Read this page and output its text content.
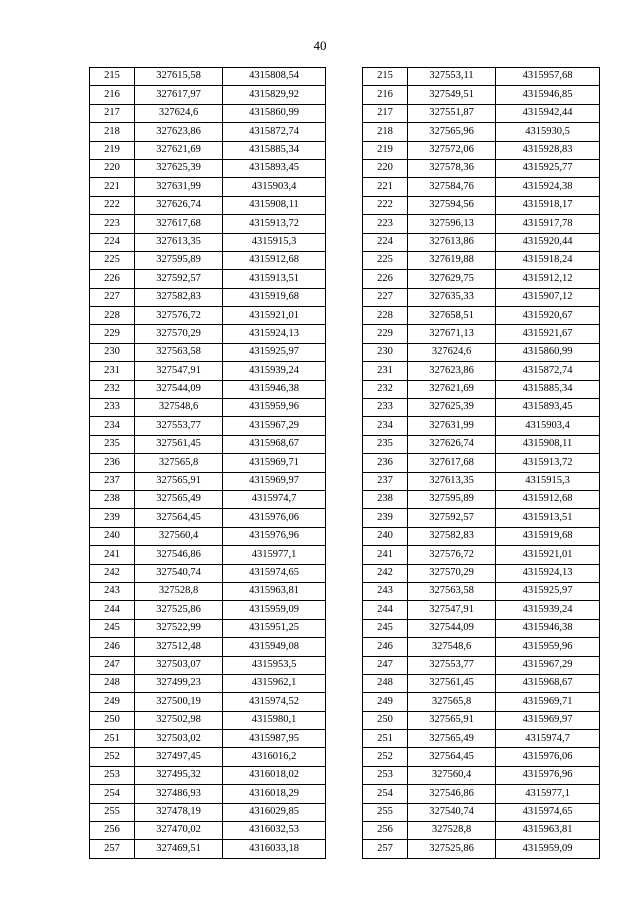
40
215	327615,58	4315808,54
216	327617,97	4315829,92
217	327624,6	4315860,99
218	327623,86	4315872,74
219	327621,69	4315885,34
220	327625,39	4315893,45
221	327631,99	4315903,4
222	327626,74	4315908,11
223	327617,68	4315913,72
224	327613,35	4315915,3
225	327595,89	4315912,68
226	327592,57	4315913,51
227	327582,83	4315919,68
228	327576,72	4315921,01
229	327570,29	4315924,13
230	327563,58	4315925,97
231	327547,91	4315939,24
232	327544,09	4315946,38
233	327548,6	4315959,96
234	327553,77	4315967,29
235	327561,45	4315968,67
236	327565,8	4315969,71
237	327565,91	4315969,97
238	327565,49	4315974,7
239	327564,45	4315976,06
240	327560,4	4315976,96
241	327546,86	4315977,1
242	327540,74	4315974,65
243	327528,8	4315963,81
244	327525,86	4315959,09
245	327522,99	4315951,25
246	327512,48	4315949,08
247	327503,07	4315953,5
248	327499,23	4315962,1
249	327500,19	4315974,52
250	327502,98	4315980,1
251	327503,02	4315987,95
252	327497,45	4316016,2
253	327495,32	4316018,02
254	327486,93	4316018,29
255	327478,19	4316029,85
256	327470,02	4316032,53
257	327469,51	4316033,18
215	327553,11	4315957,68
216	327549,51	4315946,85
217	327551,87	4315942,44
218	327565,96	4315930,5
219	327572,06	4315928,83
220	327578,36	4315925,77
221	327584,76	4315924,38
222	327594,56	4315918,17
223	327596,13	4315917,78
224	327613,86	4315920,44
225	327619,88	4315918,24
226	327629,75	4315912,12
227	327635,33	4315907,12
228	327658,51	4315920,67
229	327671,13	4315921,67
230	327624,6	4315860,99
231	327623,86	4315872,74
232	327621,69	4315885,34
233	327625,39	4315893,45
234	327631,99	4315903,4
235	327626,74	4315908,11
236	327617,68	4315913,72
237	327613,35	4315915,3
238	327595,89	4315912,68
239	327592,57	4315913,51
240	327582,83	4315919,68
241	327576,72	4315921,01
242	327570,29	4315924,13
243	327563,58	4315925,97
244	327547,91	4315939,24
245	327544,09	4315946,38
246	327548,6	4315959,96
247	327553,77	4315967,29
248	327561,45	4315968,67
249	327565,8	4315969,71
250	327565,91	4315969,97
251	327565,49	4315974,7
252	327564,45	4315976,06
253	327560,4	4315976,96
254	327546,86	4315977,1
255	327540,74	4315974,65
256	327528,8	4315963,81
257	327525,86	4315959,09
